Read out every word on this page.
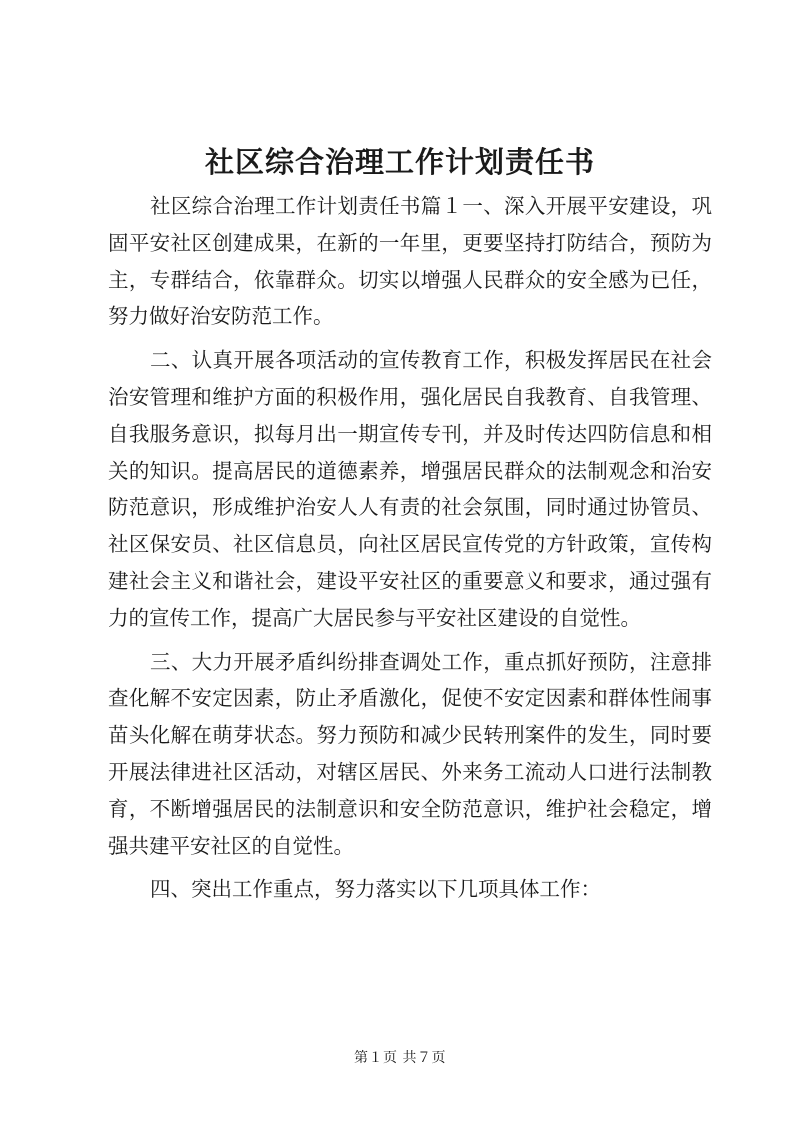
社区综合治理工作计划责任书

社区综合治理工作计划责任书篇１一、深入开展平安建设，巩固平安社区创建成果，在新的一年里，更要坚持打防结合，预防为主，专群结合，依靠群众。切实以增强人民群众的安全感为已任，努力做好治安防范工作。

二、认真开展各项活动的宣传教育工作，积极发挥居民在社会治安管理和维护方面的积极作用，强化居民自我教育、自我管理、自我服务意识，拟每月出一期宣传专刊，并及时传达四防信息和相关的知识。提高居民的道德素养，增强居民群众的法制观念和治安防范意识，形成维护治安人人有责的社会氛围，同时通过协管员、社区保安员、社区信息员，向社区居民宣传党的方针政策，宣传构建社会主义和谐社会，建设平安社区的重要意义和要求，通过强有力的宣传工作，提高广大居民参与平安社区建设的自觉性。

三、大力开展矛盾纠纷排查调处工作，重点抓好预防，注意排查化解不安定因素，防止矛盾激化，促使不安定因素和群体性闹事苗头化解在萌芽状态。努力预防和减少民转刑案件的发生，同时要开展法律进社区活动，对辖区居民、外来务工流动人口进行法制教育，不断增强居民的法制意识和安全防范意识，维护社会稳定，增强共建平安社区的自觉性。

四、突出工作重点，努力落实以下几项具体工作：

第１页 共７页
